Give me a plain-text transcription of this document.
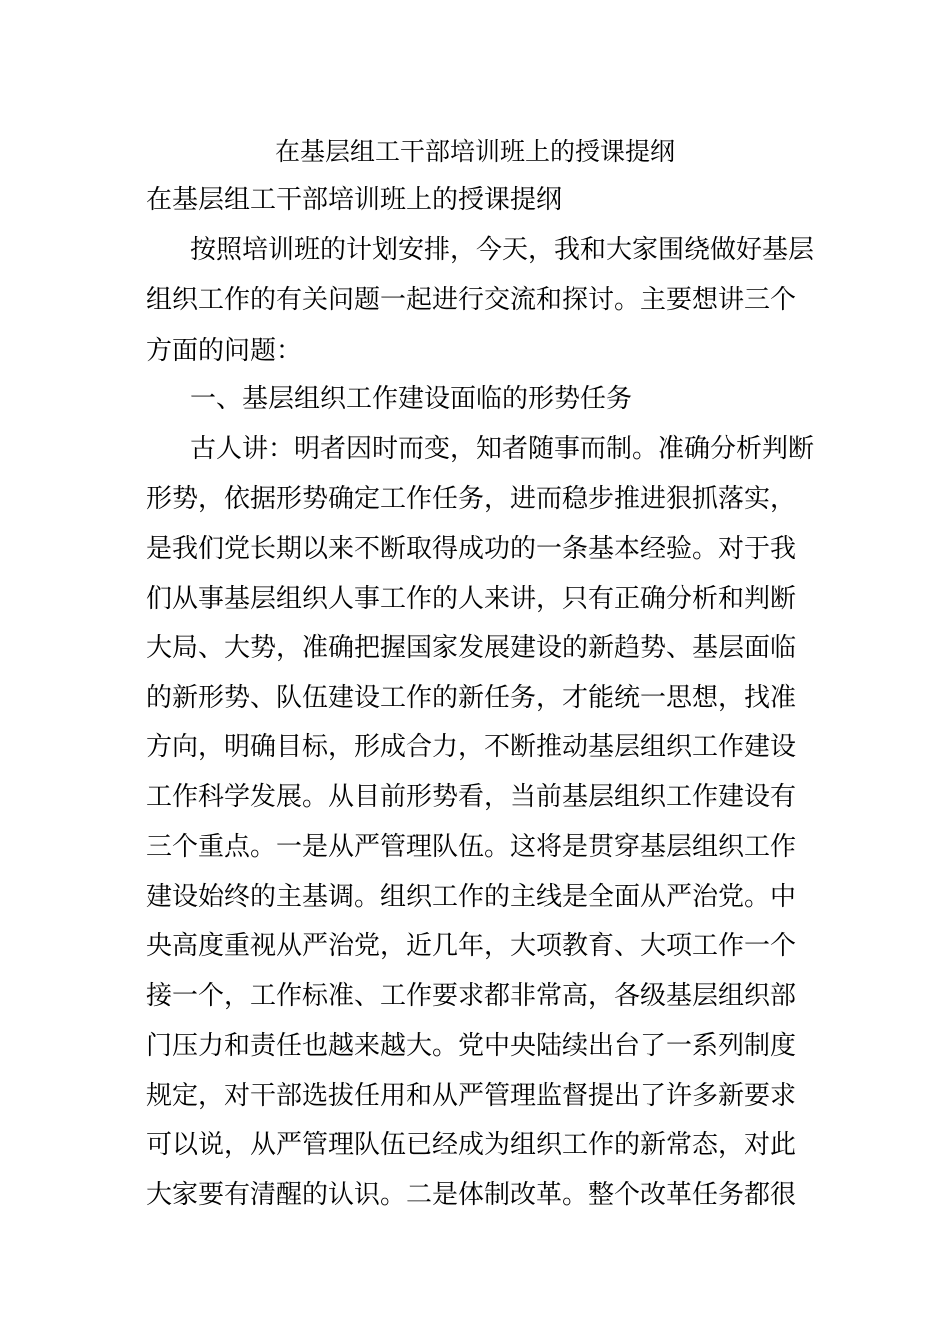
在基层组工干部培训班上的授课提纲
在基层组工干部培训班上的授课提纲
按照培训班的计划安排，今天，我和大家围绕做好基层
组织工作的有关问题一起进行交流和探讨。主要想讲三个
方面的问题：
一、基层组织工作建设面临的形势任务
古人讲：明者因时而变，知者随事而制。准确分析判断
形势，依据形势确定工作任务，进而稳步推进狠抓落实，
是我们党长期以来不断取得成功的一条基本经验。对于我
们从事基层组织人事工作的人来讲，只有正确分析和判断
大局、大势，准确把握国家发展建设的新趋势、基层面临
的新形势、队伍建设工作的新任务，才能统一思想，找准
方向，明确目标，形成合力，不断推动基层组织工作建设
工作科学发展。从目前形势看，当前基层组织工作建设有
三个重点。一是从严管理队伍。这将是贯穿基层组织工作
建设始终的主基调。组织工作的主线是全面从严治党。中
央高度重视从严治党，近几年，大项教育、大项工作一个
接一个，工作标准、工作要求都非常高，各级基层组织部
门压力和责任也越来越大。党中央陆续出台了一系列制度
规定，对干部选拔任用和从严管理监督提出了许多新要求
可以说，从严管理队伍已经成为组织工作的新常态，对此
大家要有清醒的认识。二是体制改革。整个改革任务都很
